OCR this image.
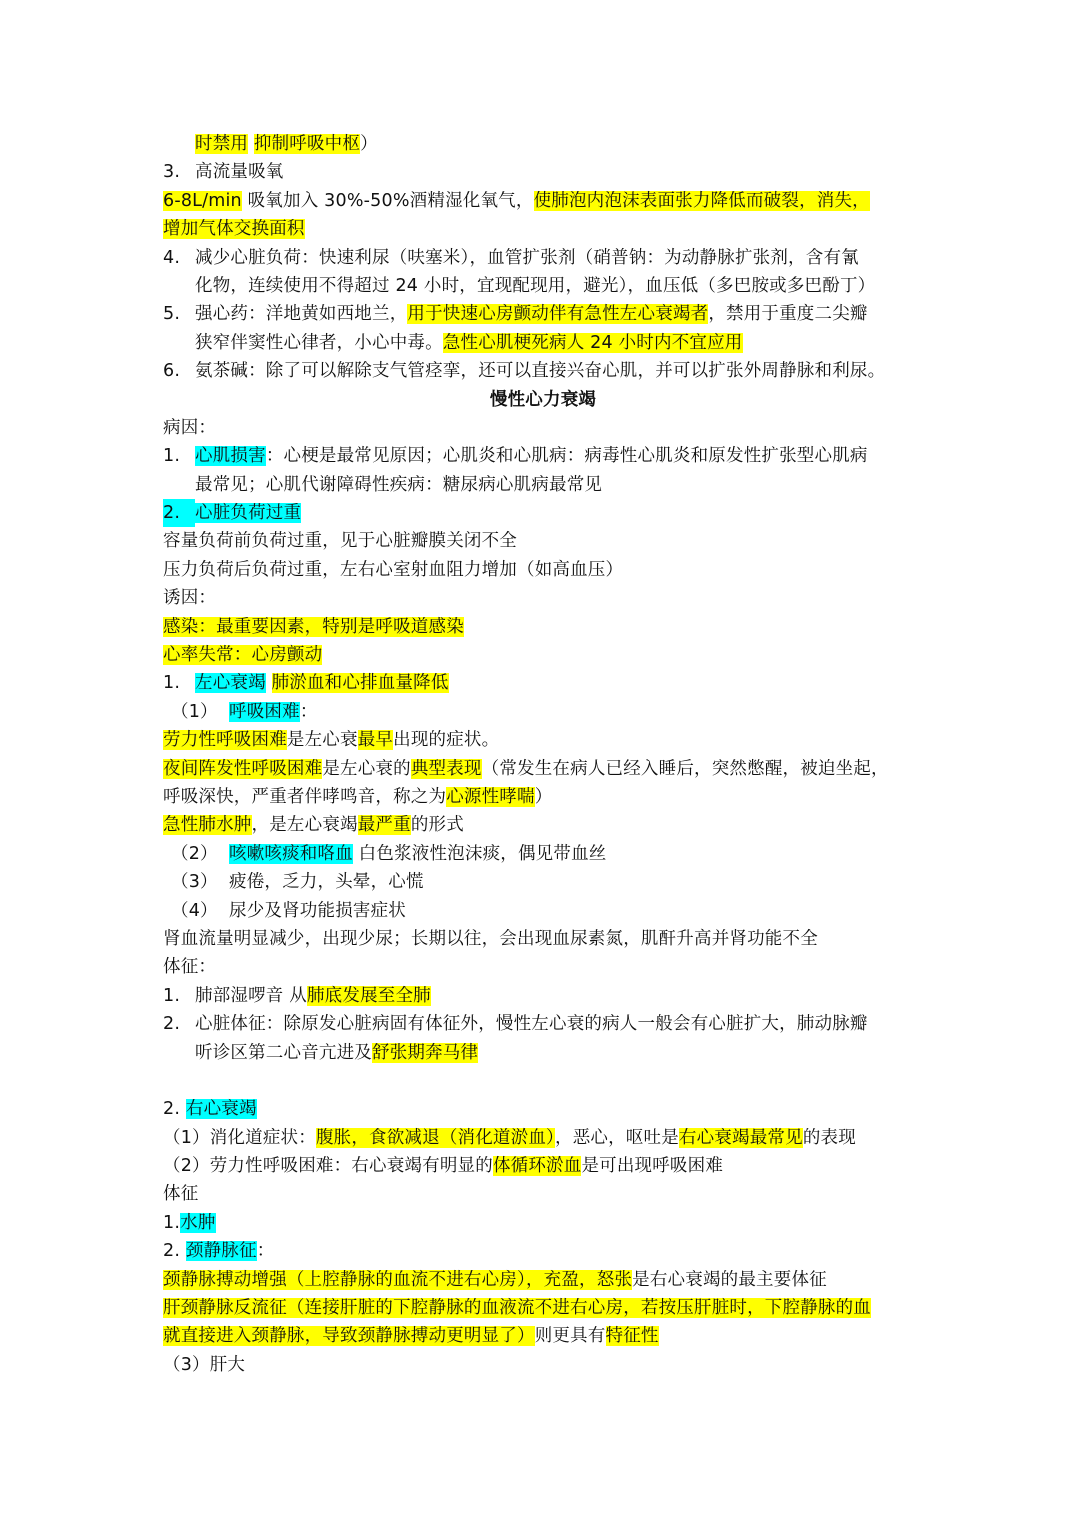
时禁用 抑制呼吸中枢）
3. 高流量吸氧
6-8L/min 吸氧加入 30%-50%酒精湿化氧气，使肺泡内泡沫表面张力降低而破裂，消失，
增加气体交换面积
4. 减少心脏负荷：快速利尿（呋塞米），血管扩张剂（硝普钠：为动静脉扩张剂，含有氰
化物，连续使用不得超过 24 小时，宜现配现用，避光），血压低（多巴胺或多巴酚丁）
5. 强心药：洋地黄如西地兰，用于快速心房颤动伴有急性左心衰竭者，禁用于重度二尖瓣
狭窄伴窦性心律者，小心中毒。急性心肌梗死病人 24 小时内不宜应用
6. 氨茶碱：除了可以解除支气管痉挛，还可以直接兴奋心肌，并可以扩张外周静脉和利尿。
慢性心力衰竭
病因：
1. 心肌损害：心梗是最常见原因；心肌炎和心肌病：病毒性心肌炎和原发性扩张型心肌病
最常见；心肌代谢障碍性疾病：糖尿病心肌病最常见
2. 心脏负荷过重
容量负荷前负荷过重，见于心脏瓣膜关闭不全
压力负荷后负荷过重，左右心室射血阻力增加（如高血压）
诱因：
感染：最重要因素，特别是呼吸道感染
心率失常：心房颤动
1. 左心衰竭 肺淤血和心排血量降低
（1） 呼吸困难：
劳力性呼吸困难是左心衰最早出现的症状。
夜间阵发性呼吸困难是左心衰的典型表现（常发生在病人已经入睡后，突然憋醒，被迫坐起，
呼吸深快，严重者伴哮鸣音，称之为心源性哮喘）
急性肺水肿，是左心衰竭最严重的形式
（2） 咳嗽咳痰和咯血 白色浆液性泡沫痰，偶见带血丝
（3） 疲倦，乏力，头晕，心慌
（4） 尿少及肾功能损害症状
肾血流量明显减少，出现少尿；长期以往，会出现血尿素氮，肌酐升高并肾功能不全
体征：
1. 肺部湿啰音 从肺底发展至全肺
2. 心脏体征：除原发心脏病固有体征外，慢性左心衰的病人一般会有心脏扩大，肺动脉瓣
听诊区第二心音亢进及舒张期奔马律
2. 右心衰竭
（1）消化道症状：腹胀，食欲减退（消化道淤血），恶心，呕吐是右心衰竭最常见的表现
（2）劳力性呼吸困难：右心衰竭有明显的体循环淤血是可出现呼吸困难
体征
1.水肿
2. 颈静脉征：
颈静脉搏动增强（上腔静脉的血流不进右心房），充盈，怒张是右心衰竭的最主要体征
肝颈静脉反流征（连接肝脏的下腔静脉的血液流不进右心房，若按压肝脏时，下腔静脉的血
就直接进入颈静脉，导致颈静脉搏动更明显了）则更具有特征性
（3）肝大
